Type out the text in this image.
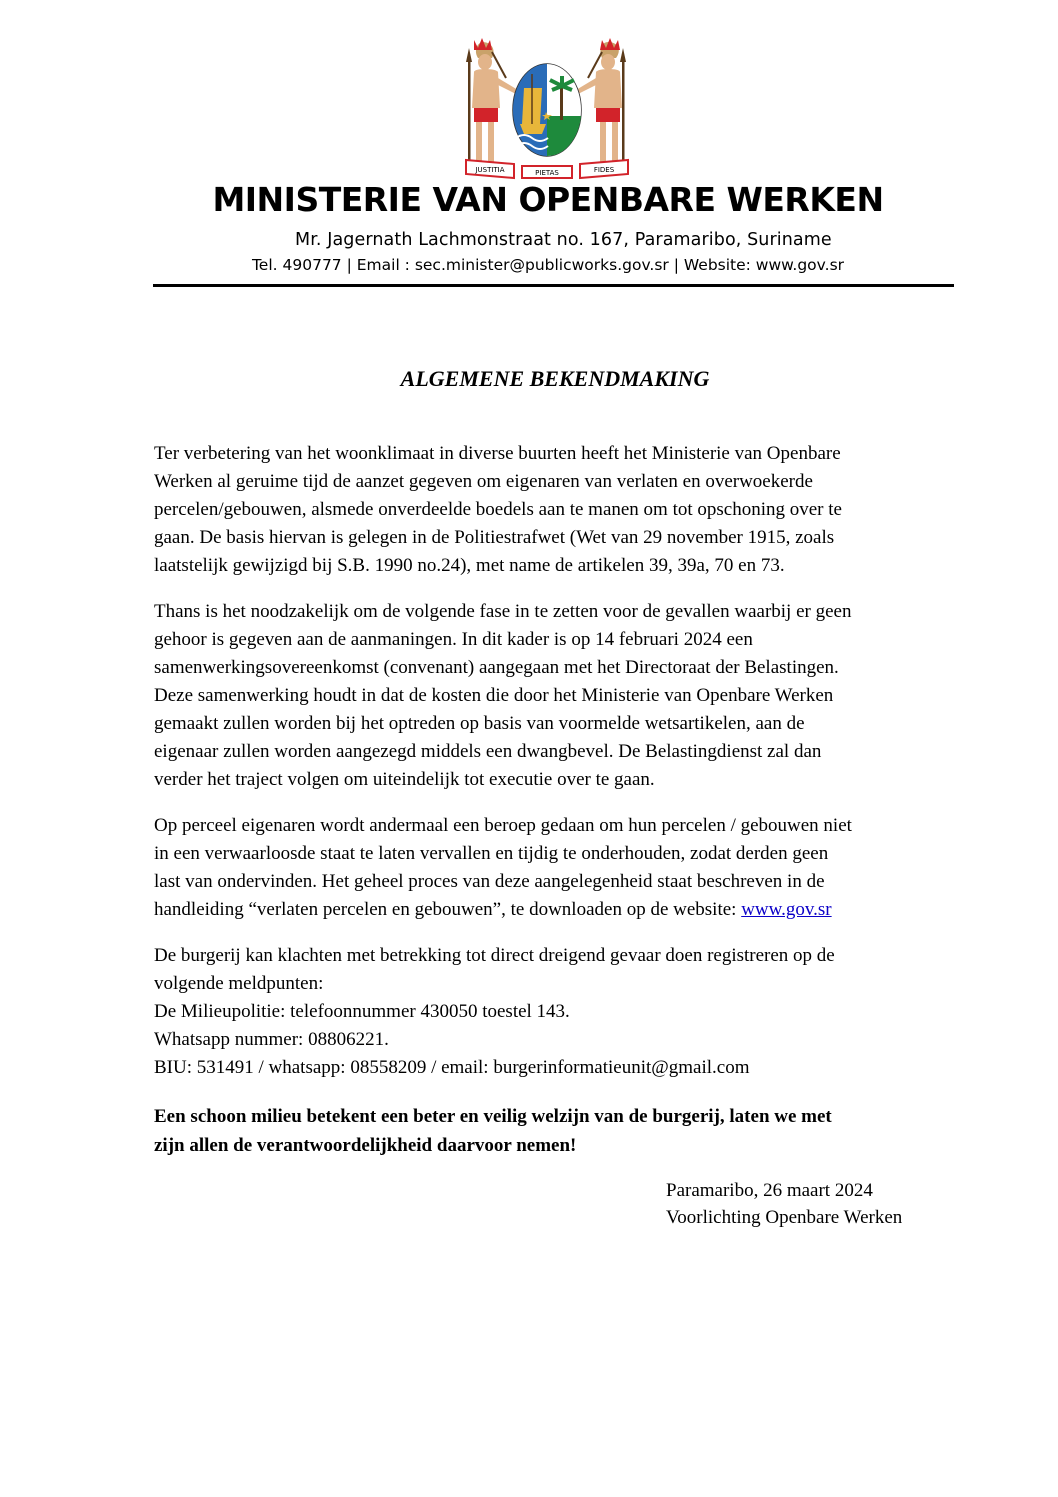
JUSTITIA	PIETAS	FIDES
MINISTERIE VAN OPENBARE WERKEN
Mr. Jagernath Lachmonstraat no. 167, Paramaribo, Suriname
Tel. 490777 | Email : sec.minister@publicworks.gov.sr | Website: www.gov.sr
ALGEMENE BEKENDMAKING

Ter verbetering van het woonklimaat in diverse buurten heeft het Ministerie van Openbare
Werken al geruime tijd de aanzet gegeven om eigenaren van verlaten en overwoekerde
percelen/gebouwen, alsmede onverdeelde boedels aan te manen om tot opschoning over te
gaan. De basis hiervan is gelegen in de Politiestrafwet (Wet van 29 november 1915, zoals
laatstelijk gewijzigd bij S.B. 1990 no.24), met name de artikelen 39, 39a, 70 en 73.

Thans is het noodzakelijk om de volgende fase in te zetten voor de gevallen waarbij er geen
gehoor is gegeven aan de aanmaningen. In dit kader is op 14 februari 2024 een
samenwerkingsovereenkomst (convenant) aangegaan met het Directoraat der Belastingen.
Deze samenwerking houdt in dat de kosten die door het Ministerie van Openbare Werken
gemaakt zullen worden bij het optreden op basis van voormelde wetsartikelen, aan de
eigenaar zullen worden aangezegd middels een dwangbevel. De Belastingdienst zal dan
verder het traject volgen om uiteindelijk tot executie over te gaan.

Op perceel eigenaren wordt andermaal een beroep gedaan om hun percelen / gebouwen niet
in een verwaarloosde staat te laten vervallen en tijdig te onderhouden, zodat derden geen
last van ondervinden. Het geheel proces van deze aangelegenheid staat beschreven in de
handleiding “verlaten percelen en gebouwen”, te downloaden op de website: www.gov.sr

De burgerij kan klachten met betrekking tot direct dreigend gevaar doen registreren op de
volgende meldpunten:
De Milieupolitie: telefoonnummer 430050 toestel 143.
Whatsapp nummer: 08806221.
BIU: 531491 / whatsapp: 08558209 / email: burgerinformatieunit@gmail.com

Een schoon milieu betekent een beter en veilig welzijn van de burgerij, laten we met
zijn allen de verantwoordelijkheid daarvoor nemen!
Paramaribo, 26 maart 2024
Voorlichting Openbare Werken
